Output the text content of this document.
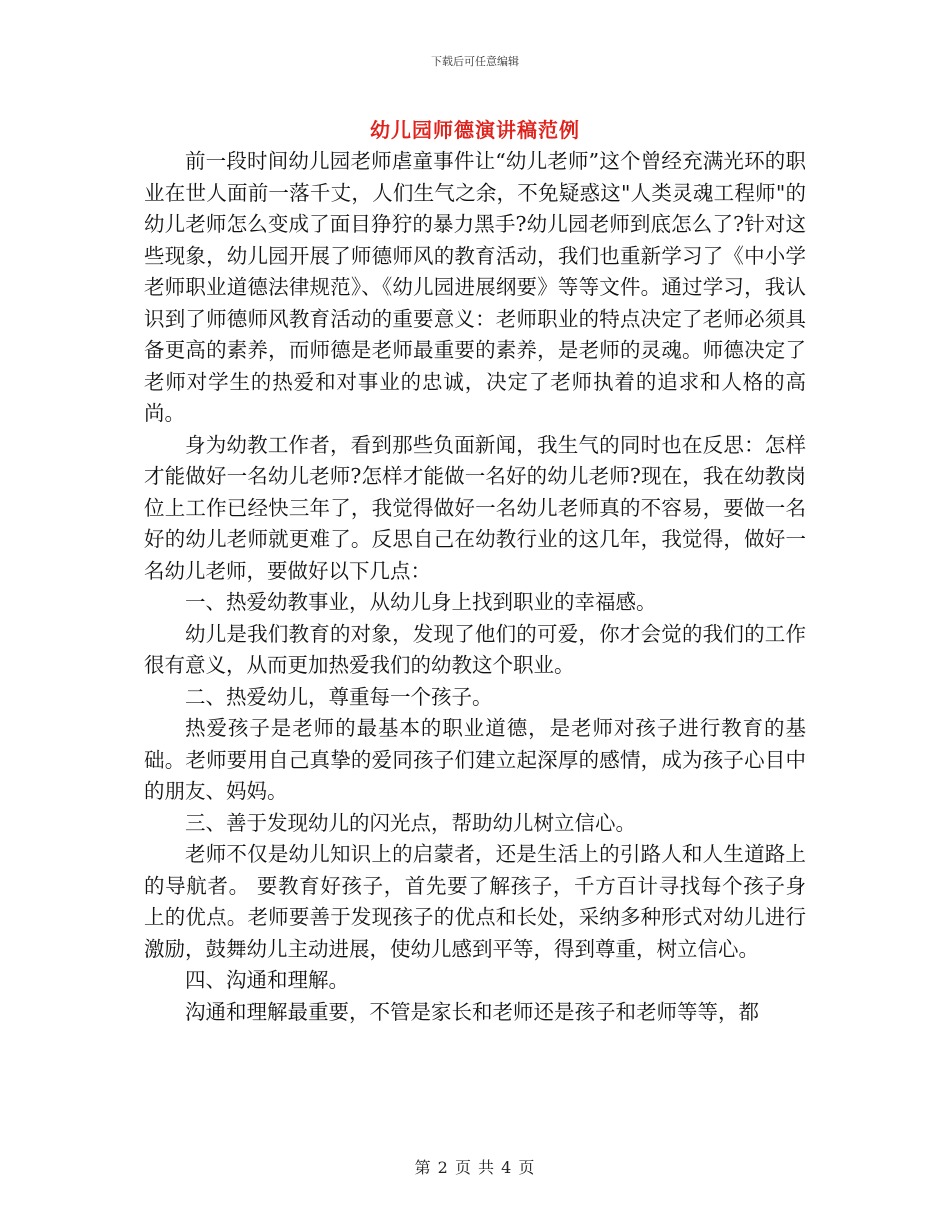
下载后可任意编辑
幼儿园师德演讲稿范例

前一段时间幼儿园老师虐童事件让“幼儿老师”这个曾经充满光环的职业在世人面前一落千丈，人们生气之余，不免疑惑这"人类灵魂工程师"的幼儿老师怎么变成了面目狰狞的暴力黑手?幼儿园老师到底怎么了?针对这些现象，幼儿园开展了师德师风的教育活动，我们也重新学习了《中小学老师职业道德法律规范》、《幼儿园进展纲要》等等文件。通过学习，我认识到了师德师风教育活动的重要意义：老师职业的特点决定了老师必须具备更高的素养，而师德是老师最重要的素养，是老师的灵魂。师德决定了老师对学生的热爱和对事业的忠诚，决定了老师执着的追求和人格的高尚。

身为幼教工作者，看到那些负面新闻，我生气的同时也在反思：怎样才能做好一名幼儿老师?怎样才能做一名好的幼儿老师?现在，我在幼教岗位上工作已经快三年了，我觉得做好一名幼儿老师真的不容易，要做一名好的幼儿老师就更难了。反思自己在幼教行业的这几年，我觉得，做好一名幼儿老师，要做好以下几点：

一、热爱幼教事业，从幼儿身上找到职业的幸福感。

幼儿是我们教育的对象，发现了他们的可爱，你才会觉的我们的工作很有意义，从而更加热爱我们的幼教这个职业。

二、热爱幼儿，尊重每一个孩子。

热爱孩子是老师的最基本的职业道德，是老师对孩子进行教育的基础。老师要用自己真挚的爱同孩子们建立起深厚的感情，成为孩子心目中的朋友、妈妈。

三、善于发现幼儿的闪光点，帮助幼儿树立信心。

老师不仅是幼儿知识上的启蒙者，还是生活上的引路人和人生道路上的导航者。 要教育好孩子，首先要了解孩子，千方百计寻找每个孩子身上的优点。老师要善于发现孩子的优点和长处，采纳多种形式对幼儿进行激励，鼓舞幼儿主动进展，使幼儿感到平等，得到尊重，树立信心。

四、沟通和理解。

沟通和理解最重要，不管是家长和老师还是孩子和老师等等，都

第 2 页 共 4 页
